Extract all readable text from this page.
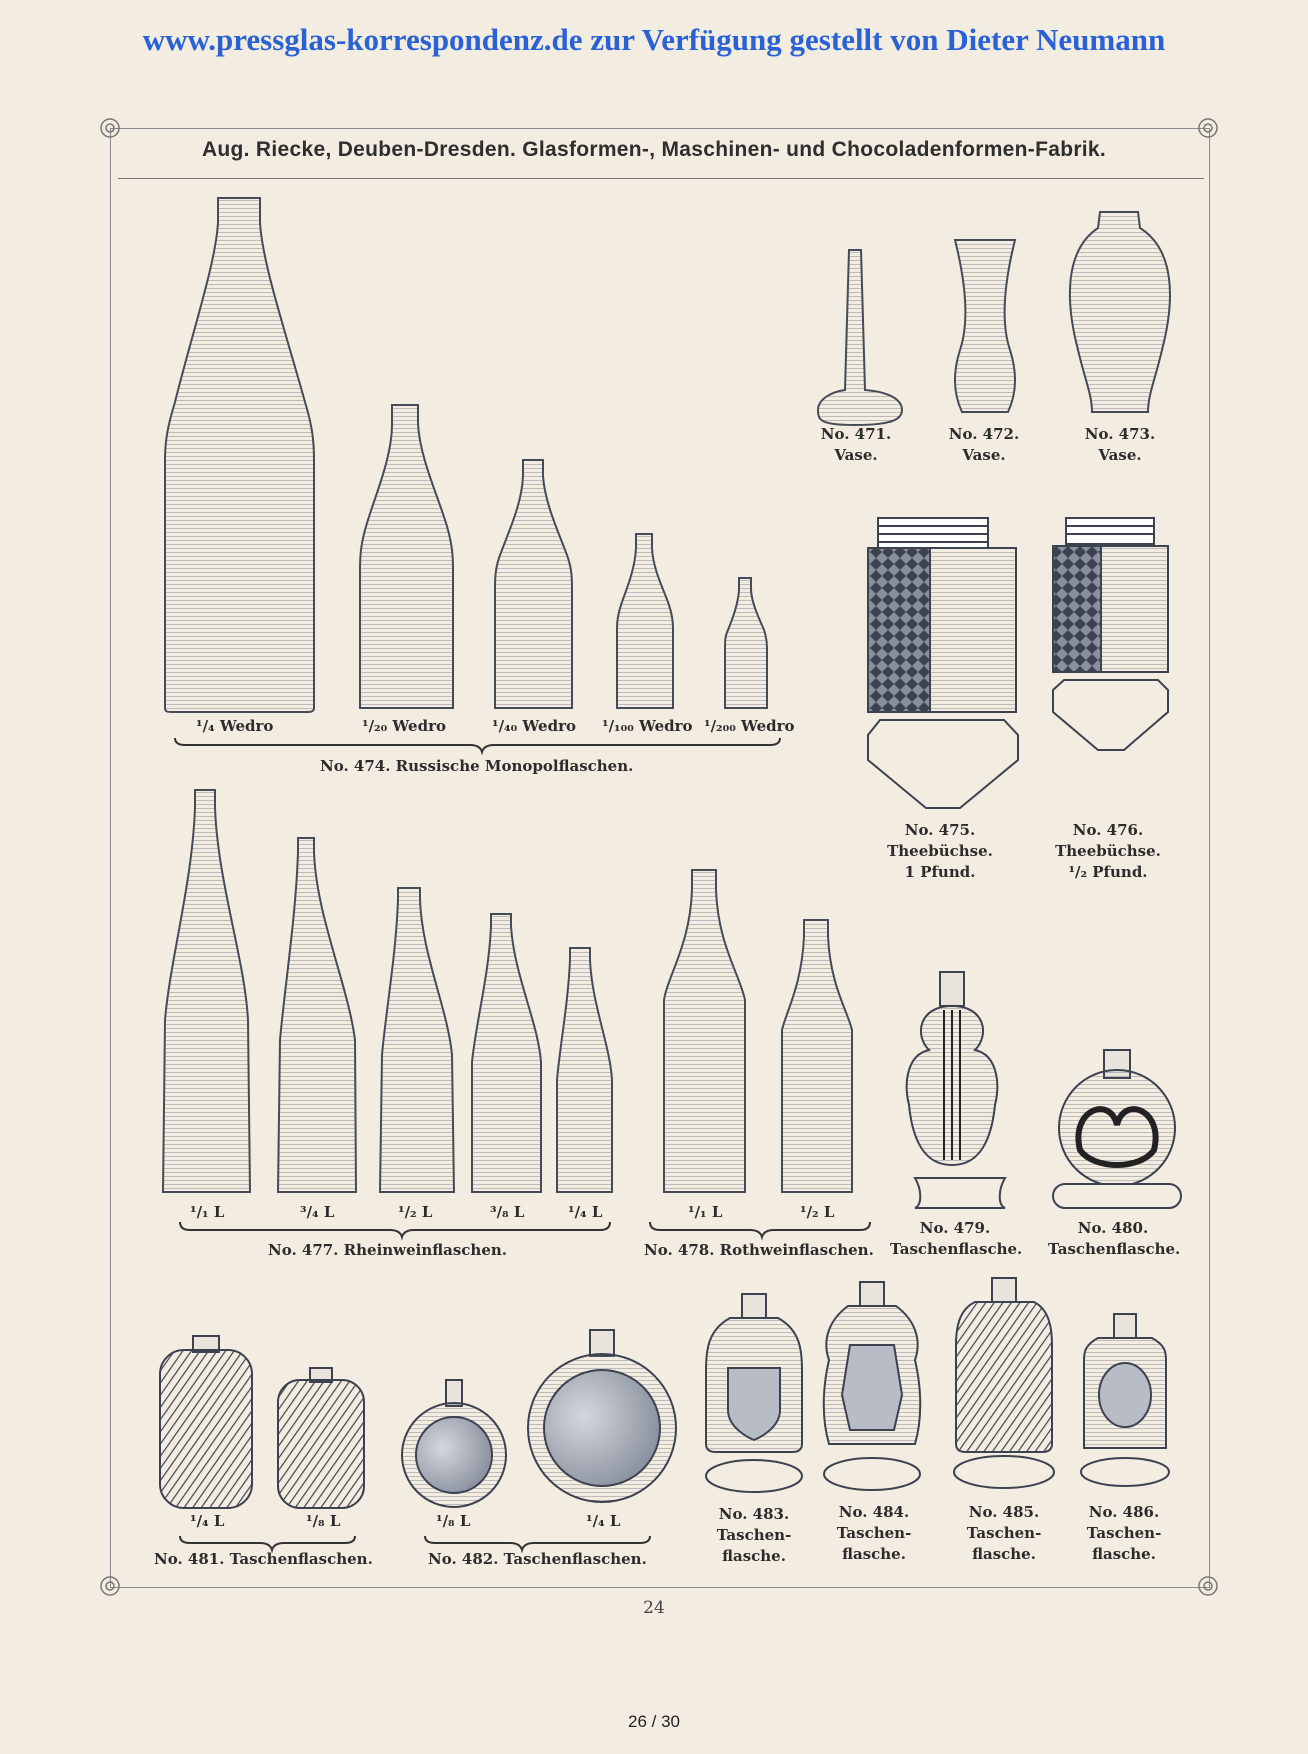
www.pressglas-korrespondenz.de zur Verfügung gestellt von Dieter Neumann
Aug. Riecke, Deuben-Dresden. Glasformen-, Maschinen- und Chocoladenformen-Fabrik.
¹/₄ Wedro	¹/₂₀ Wedro	¹/₄₀ Wedro ¹/₁₀₀ Wedro ¹/₂₀₀ Wedro
No. 474. Russische Monopolflaschen.
No. 471.
Vase.
No. 472.
Vase.
No. 473.
Vase.
No. 475.
Theebüchse.
1 Pfund.
No. 476.
Theebüchse.
¹/₂ Pfund.
¹/₁ L	³/₄ L	¹/₂ L	³/₈ L	¹/₄ L
No. 477. Rheinweinflaschen.
¹/₁ L	¹/₂ L
No. 478. Rothweinflaschen.
No. 479.
Taschenflasche.
No. 480.
Taschenflasche.
¹/₄ L	¹/₈ L
No. 481. Taschenflaschen.
¹/₈ L	¹/₄ L
No. 482. Taschenflaschen.
No. 483.
Taschen-
flasche.
No. 484.
Taschen-
flasche.
No. 485.
Taschen-
flasche.
No. 486.
Taschen-
flasche.
24
26 / 30
